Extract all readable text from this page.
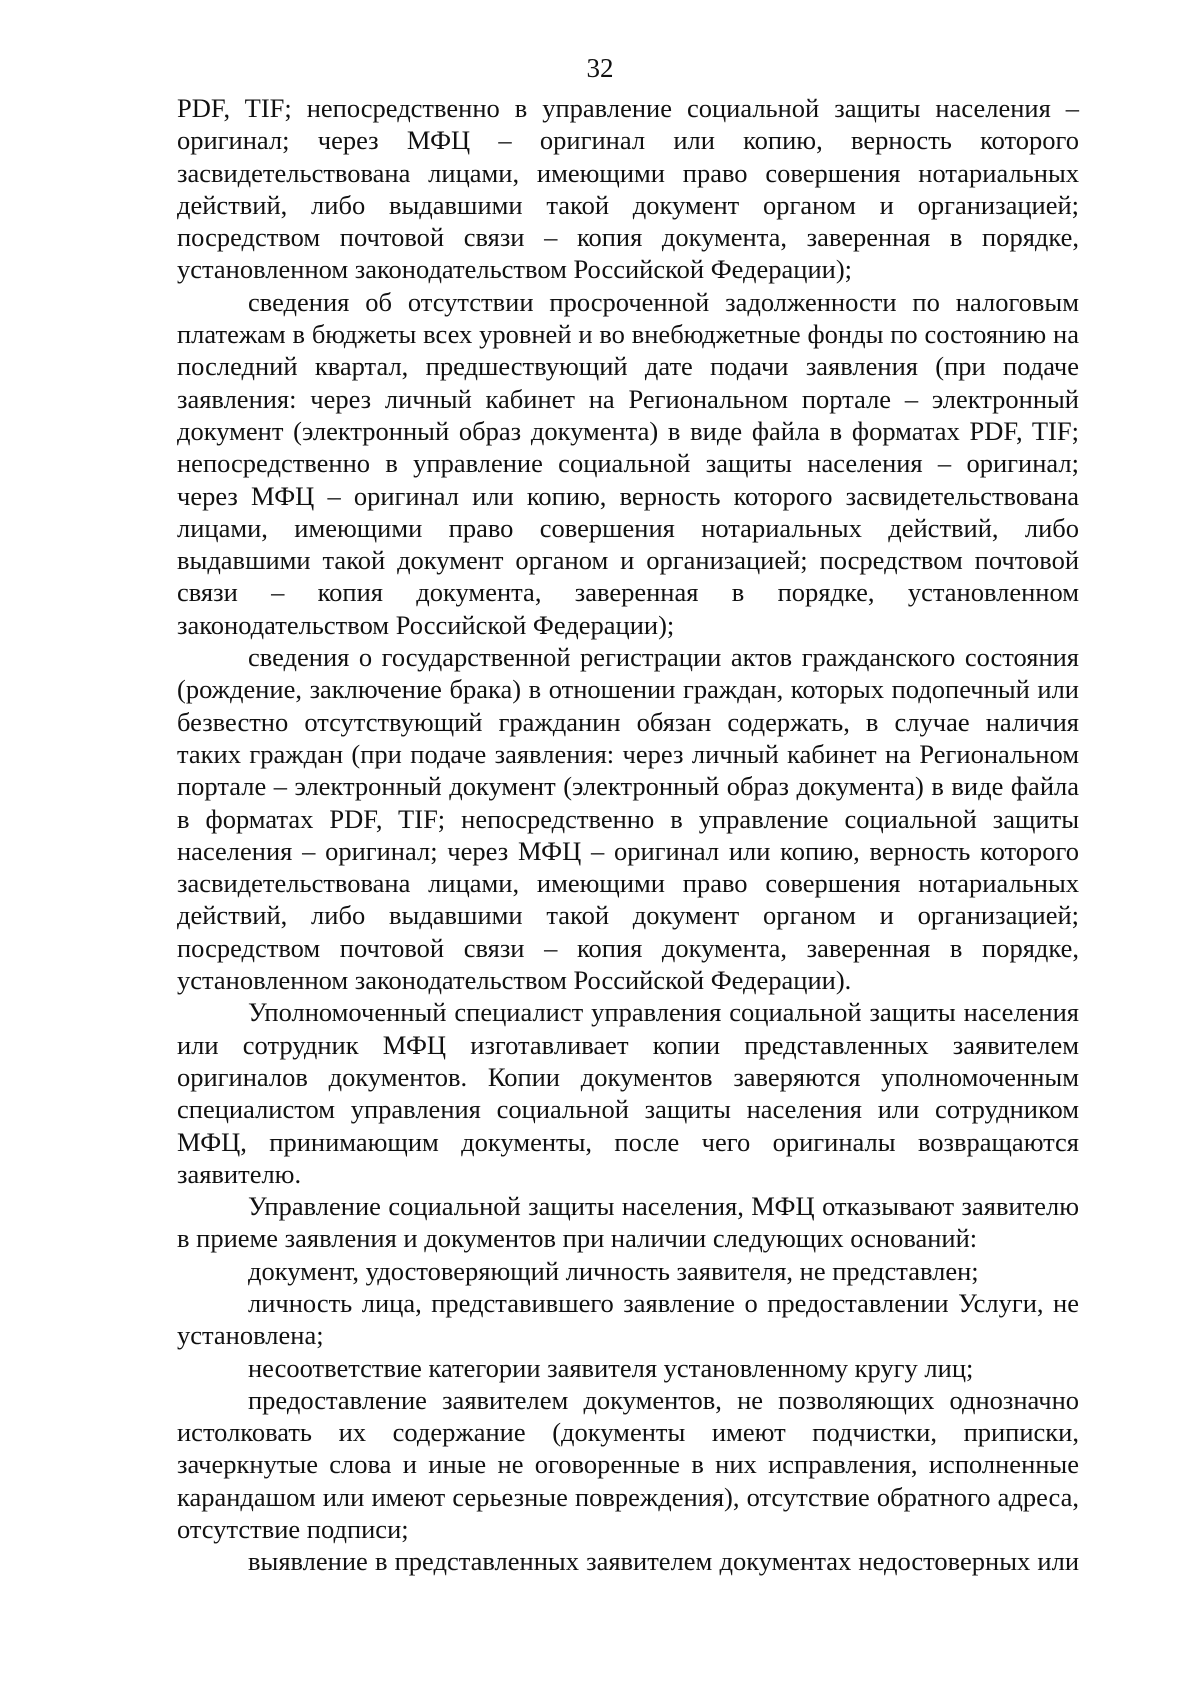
32

PDF, TIF; непосредственно в управление социальной защиты населения – оригинал; через МФЦ – оригинал или копию, верность которого засвидетельствована лицами, имеющими право совершения нотариальных действий, либо выдавшими такой документ органом и организацией; посредством почтовой связи – копия документа, заверенная в порядке, установленном законодательством Российской Федерации);

сведения об отсутствии просроченной задолженности по налоговым платежам в бюджеты всех уровней и во внебюджетные фонды по состоянию на последний квартал, предшествующий дате подачи заявления (при подаче заявления: через личный кабинет на Региональном портале – электронный документ (электронный образ документа) в виде файла в форматах PDF, TIF; непосредственно в управление социальной защиты населения – оригинал; через МФЦ – оригинал или копию, верность которого засвидетельствована лицами, имеющими право совершения нотариальных действий, либо выдавшими такой документ органом и организацией; посредством почтовой связи – копия документа, заверенная в порядке, установленном законодательством Российской Федерации);

сведения о государственной регистрации актов гражданского состояния (рождение, заключение брака) в отношении граждан, которых подопечный или безвестно отсутствующий гражданин обязан содержать, в случае наличия таких граждан (при подаче заявления: через личный кабинет на Региональном портале – электронный документ (электронный образ документа) в виде файла в форматах PDF, TIF; непосредственно в управление социальной защиты населения – оригинал; через МФЦ – оригинал или копию, верность которого засвидетельствована лицами, имеющими право совершения нотариальных действий, либо выдавшими такой документ органом и организацией; посредством почтовой связи – копия документа, заверенная в порядке, установленном законодательством Российской Федерации).

Уполномоченный специалист управления социальной защиты населения или сотрудник МФЦ изготавливает копии представленных заявителем оригиналов документов. Копии документов заверяются уполномоченным специалистом управления социальной защиты населения или сотрудником МФЦ, принимающим документы, после чего оригиналы возвращаются заявителю.

Управление социальной защиты населения, МФЦ отказывают заявителю в приеме заявления и документов при наличии следующих оснований:

документ, удостоверяющий личность заявителя, не представлен;

личность лица, представившего заявление о предоставлении Услуги, не установлена;

несоответствие категории заявителя установленному кругу лиц;

предоставление заявителем документов, не позволяющих однозначно истолковать их содержание (документы имеют подчистки, приписки, зачеркнутые слова и иные не оговоренные в них исправления, исполненные карандашом или имеют серьезные повреждения), отсутствие обратного адреса, отсутствие подписи;

выявление в представленных заявителем документах недостоверных или
